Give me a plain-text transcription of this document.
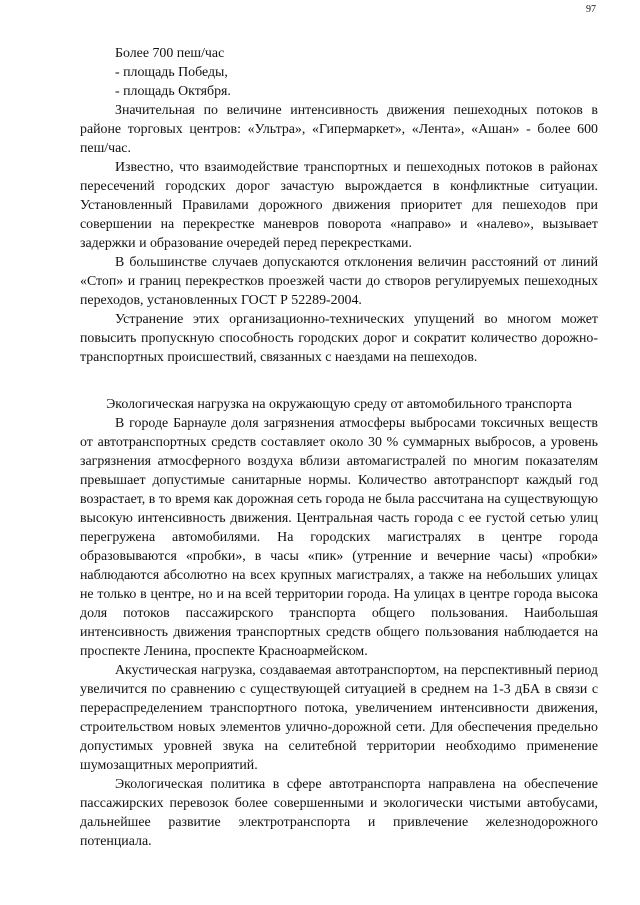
97

Более 700 пеш/час

- площадь Победы,

- площадь Октября.

Значительная по величине интенсивность движения пешеходных потоков в районе торговых центров: «Ультра», «Гипермаркет», «Лента», «Ашан» - более 600 пеш/час.

Известно, что взаимодействие транспортных и пешеходных потоков в районах пересечений городских дорог зачастую вырождается в конфликтные ситуации. Установленный Правилами дорожного движения приоритет для пешеходов при совершении на перекрестке маневров поворота «направо» и «налево», вызывает задержки и образование очередей перед перекрестками.

В большинстве случаев допускаются отклонения величин расстояний от линий «Стоп» и границ перекрестков проезжей части до створов регулируемых пешеходных переходов, установленных ГОСТ Р 52289-2004.

Устранение этих организационно-технических упущений во многом может повысить пропускную способность городских дорог и сократит количество дорожно-транспортных происшествий, связанных с наездами на пешеходов.

Экологическая нагрузка на окружающую среду от автомобильного транспорта

В городе Барнауле доля загрязнения атмосферы выбросами токсичных веществ от автотранспортных средств составляет около 30 % суммарных выбросов, а уровень загрязнения атмосферного воздуха вблизи автомагистралей по многим показателям превышает допустимые санитарные нормы. Количество автотранспорт каждый год возрастает, в то время как дорожная сеть города не была рассчитана на существующую высокую интенсивность движения. Центральная часть города с ее густой сетью улиц перегружена автомобилями. На городских магистралях в центре города образовываются «пробки», в часы «пик» (утренние и вечерние часы) «пробки» наблюдаются абсолютно на всех крупных магистралях, а также на небольших улицах не только в центре, но и на всей территории города. На улицах в центре города высока доля потоков пассажирского транспорта общего пользования. Наибольшая интенсивность движения транспортных средств общего пользования наблюдается на проспекте Ленина, проспекте Красноармейском.

Акустическая нагрузка, создаваемая автотранспортом, на перспективный период увеличится по сравнению с существующей ситуацией в среднем на 1-3 дБА в связи с перераспределением транспортного потока, увеличением интенсивности движения, строительством новых элементов улично-дорожной сети. Для обеспечения предельно допустимых уровней звука на селитебной территории необходимо применение шумозащитных мероприятий.

Экологическая политика в сфере автотранспорта направлена на обеспечение пассажирских перевозок более совершенными и экологически чистыми автобусами, дальнейшее развитие электротранспорта и привлечение железнодорожного потенциала.
